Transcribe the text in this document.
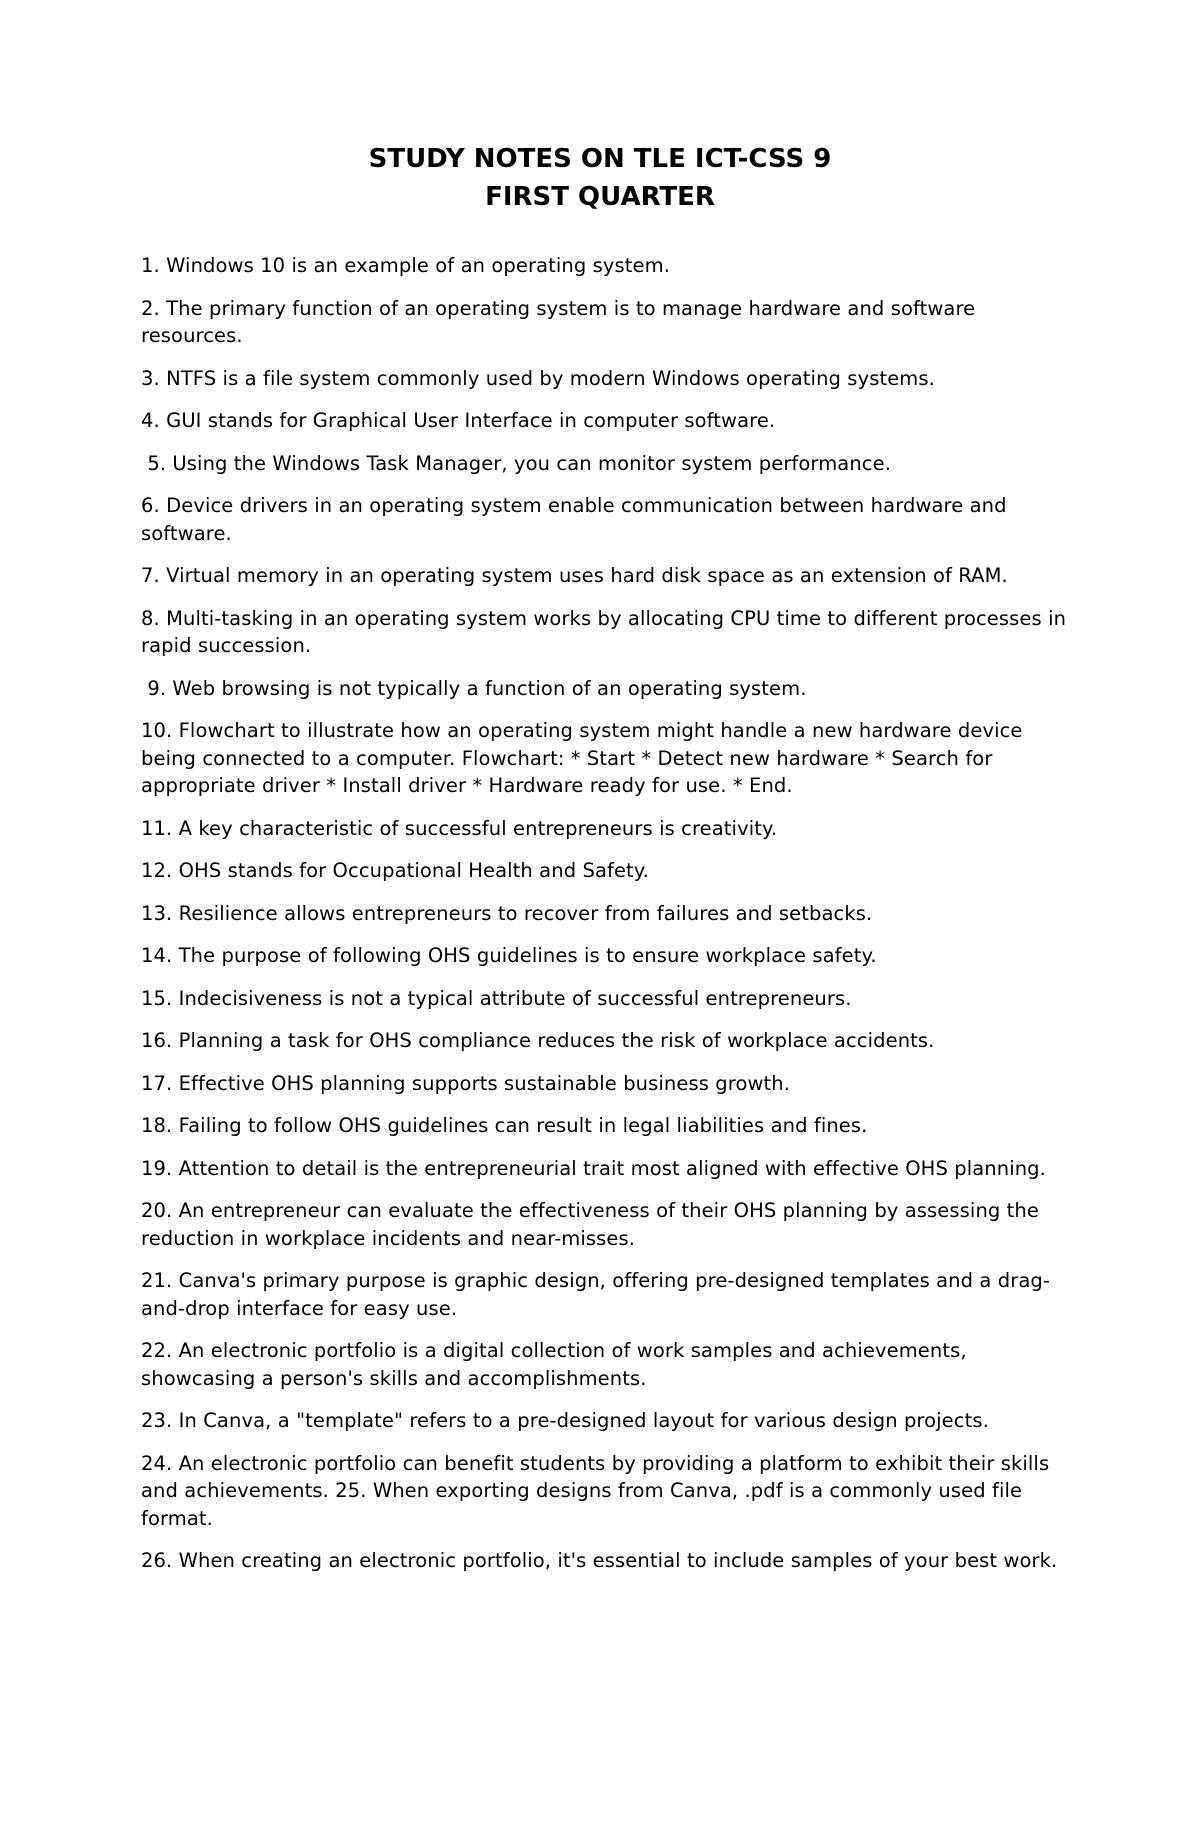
STUDY NOTES ON TLE ICT-CSS 9

FIRST QUARTER

1. Windows 10 is an example of an operating system.
2. The primary function of an operating system is to manage hardware and software resources.
3. NTFS is a file system commonly used by modern Windows operating systems.
4. GUI stands for Graphical User Interface in computer software.
5. Using the Windows Task Manager, you can monitor system performance.
6. Device drivers in an operating system enable communication between hardware and software.
7. Virtual memory in an operating system uses hard disk space as an extension of RAM.
8. Multi-tasking in an operating system works by allocating CPU time to different processes in rapid succession.
9. Web browsing is not typically a function of an operating system.
10. Flowchart to illustrate how an operating system might handle a new hardware device being connected to a computer. Flowchart: * Start * Detect new hardware * Search for appropriate driver * Install driver * Hardware ready for use. * End.
11. A key characteristic of successful entrepreneurs is creativity.
12. OHS stands for Occupational Health and Safety.
13. Resilience allows entrepreneurs to recover from failures and setbacks.
14. The purpose of following OHS guidelines is to ensure workplace safety.
15. Indecisiveness is not a typical attribute of successful entrepreneurs.
16. Planning a task for OHS compliance reduces the risk of workplace accidents.
17. Effective OHS planning supports sustainable business growth.
18. Failing to follow OHS guidelines can result in legal liabilities and fines.
19. Attention to detail is the entrepreneurial trait most aligned with effective OHS planning.
20. An entrepreneur can evaluate the effectiveness of their OHS planning by assessing the reduction in workplace incidents and near-misses.
21. Canva's primary purpose is graphic design, offering pre-designed templates and a drag-and-drop interface for easy use.
22. An electronic portfolio is a digital collection of work samples and achievements, showcasing a person's skills and accomplishments.
23. In Canva, a "template" refers to a pre-designed layout for various design projects.
24. An electronic portfolio can benefit students by providing a platform to exhibit their skills and achievements. 25. When exporting designs from Canva, .pdf is a commonly used file format.
26. When creating an electronic portfolio, it's essential to include samples of your best work.
